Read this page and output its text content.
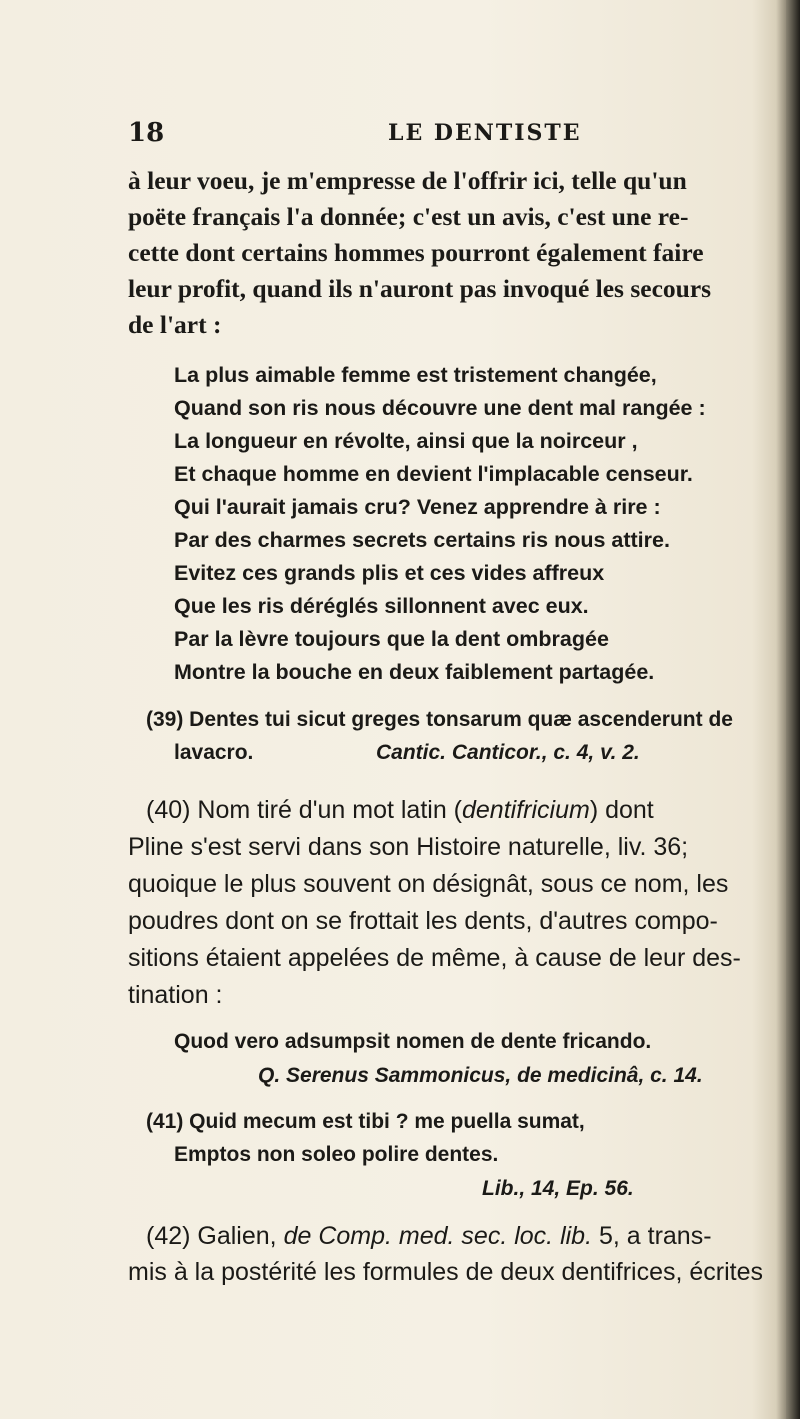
18	LE DENTISTE
à leur voeu, je m'empresse de l'offrir ici, telle qu'un
poëte français l'a donnée; c'est un avis, c'est une re-
cette dont certains hommes pourront également faire
leur profit, quand ils n'auront pas invoqué les secours
de l'art :
La plus aimable femme est tristement changée,
Quand son ris nous découvre une dent mal rangée :
La longueur en révolte, ainsi que la noirceur ,
Et chaque homme en devient l'implacable censeur.
Qui l'aurait jamais cru? Venez apprendre à rire :
Par des charmes secrets certains ris nous attire.
Evitez ces grands plis et ces vides affreux
Que les ris déréglés sillonnent avec eux.
Par la lèvre toujours que la dent ombragée
Montre la bouche en deux faiblement partagée.
(39) Dentes tui sicut greges tonsarum quæ ascenderunt de
lavacro.	Cantic. Canticor., c. 4, v. 2.
(40) Nom tiré d'un mot latin (dentifricium) dont
Pline s'est servi dans son Histoire naturelle, liv. 36;
quoique le plus souvent on désignât, sous ce nom, les
poudres dont on se frottait les dents, d'autres compo-
sitions étaient appelées de même, à cause de leur des-
tination :
Quod vero adsumpsit nomen de dente fricando.
Q. Serenus Sammonicus, de medicinâ, c. 14.
(41) Quid mecum est tibi ? me puella sumat,
Emptos non soleo polire dentes.
Lib., 14, Ep. 56.
(42) Galien, de Comp. med. sec. loc. lib. 5, a trans-
mis à la postérité les formules de deux dentifrices, écrites
